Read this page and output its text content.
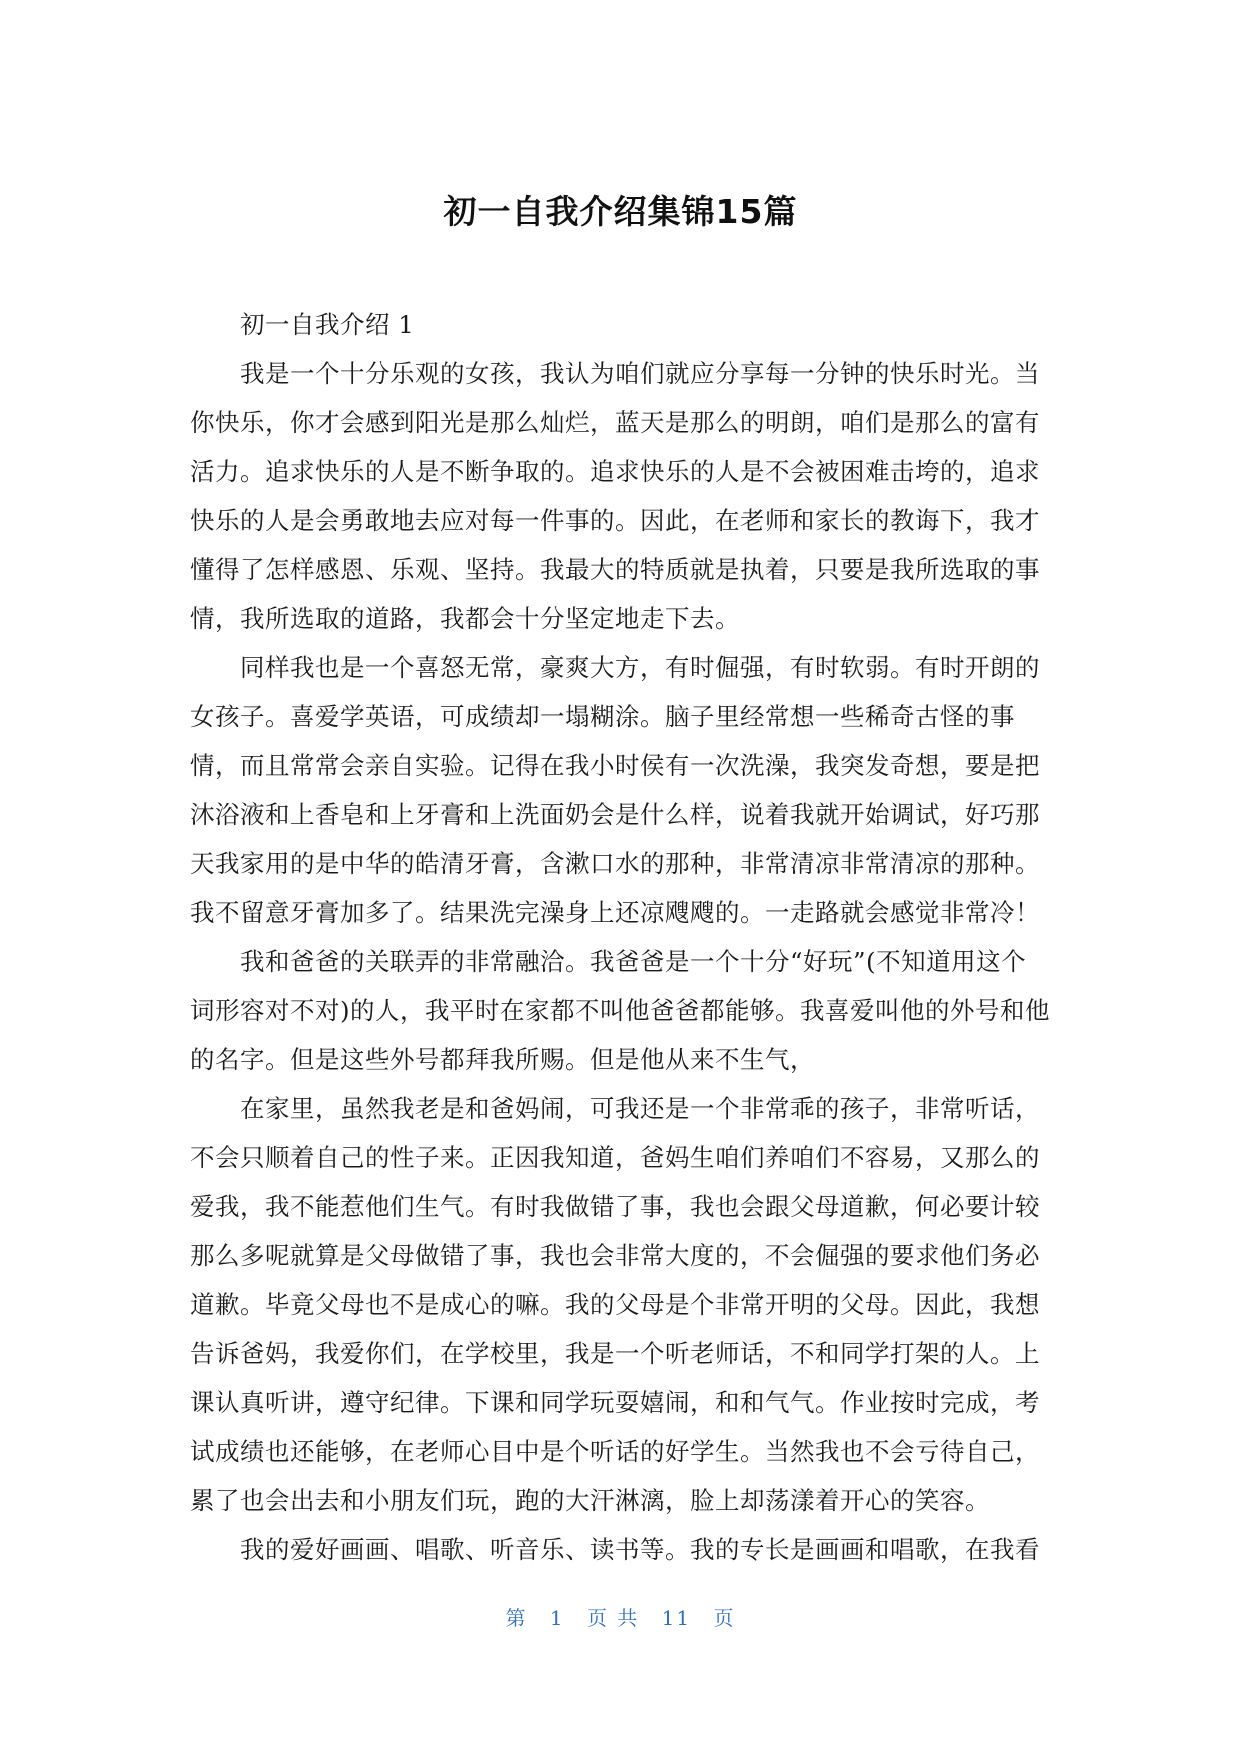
初一自我介绍集锦15篇
初一自我介绍 1
我是一个十分乐观的女孩，我认为咱们就应分享每一分钟的快乐时光。当
你快乐，你才会感到阳光是那么灿烂，蓝天是那么的明朗，咱们是那么的富有
活力。追求快乐的人是不断争取的。追求快乐的人是不会被困难击垮的，追求
快乐的人是会勇敢地去应对每一件事的。因此，在老师和家长的教诲下，我才
懂得了怎样感恩、乐观、坚持。我最大的特质就是执着，只要是我所选取的事
情，我所选取的道路，我都会十分坚定地走下去。
同样我也是一个喜怒无常，豪爽大方，有时倔强，有时软弱。有时开朗的
女孩子。喜爱学英语，可成绩却一塌糊涂。脑子里经常想一些稀奇古怪的事
情，而且常常会亲自实验。记得在我小时侯有一次洗澡，我突发奇想，要是把
沐浴液和上香皂和上牙膏和上洗面奶会是什么样，说着我就开始调试，好巧那
天我家用的是中华的皓清牙膏，含漱口水的那种，非常清凉非常清凉的那种。
我不留意牙膏加多了。结果洗完澡身上还凉飕飕的。一走路就会感觉非常冷！
我和爸爸的关联弄的非常融洽。我爸爸是一个十分“好玩”(不知道用这个
词形容对不对)的人，我平时在家都不叫他爸爸都能够。我喜爱叫他的外号和他
的名字。但是这些外号都拜我所赐。但是他从来不生气，
在家里，虽然我老是和爸妈闹，可我还是一个非常乖的孩子，非常听话，
不会只顺着自己的性子来。正因我知道，爸妈生咱们养咱们不容易，又那么的
爱我，我不能惹他们生气。有时我做错了事，我也会跟父母道歉，何必要计较
那么多呢就算是父母做错了事，我也会非常大度的，不会倔强的要求他们务必
道歉。毕竟父母也不是成心的嘛。我的父母是个非常开明的父母。因此，我想
告诉爸妈，我爱你们，在学校里，我是一个听老师话，不和同学打架的人。上
课认真听讲，遵守纪律。下课和同学玩耍嬉闹，和和气气。作业按时完成，考
试成绩也还能够，在老师心目中是个听话的好学生。当然我也不会亏待自己，
累了也会出去和小朋友们玩，跑的大汗淋漓，脸上却荡漾着开心的笑容。
我的爱好画画、唱歌、听音乐、读书等。我的专长是画画和唱歌，在我看
第 1 页 共 11 页
